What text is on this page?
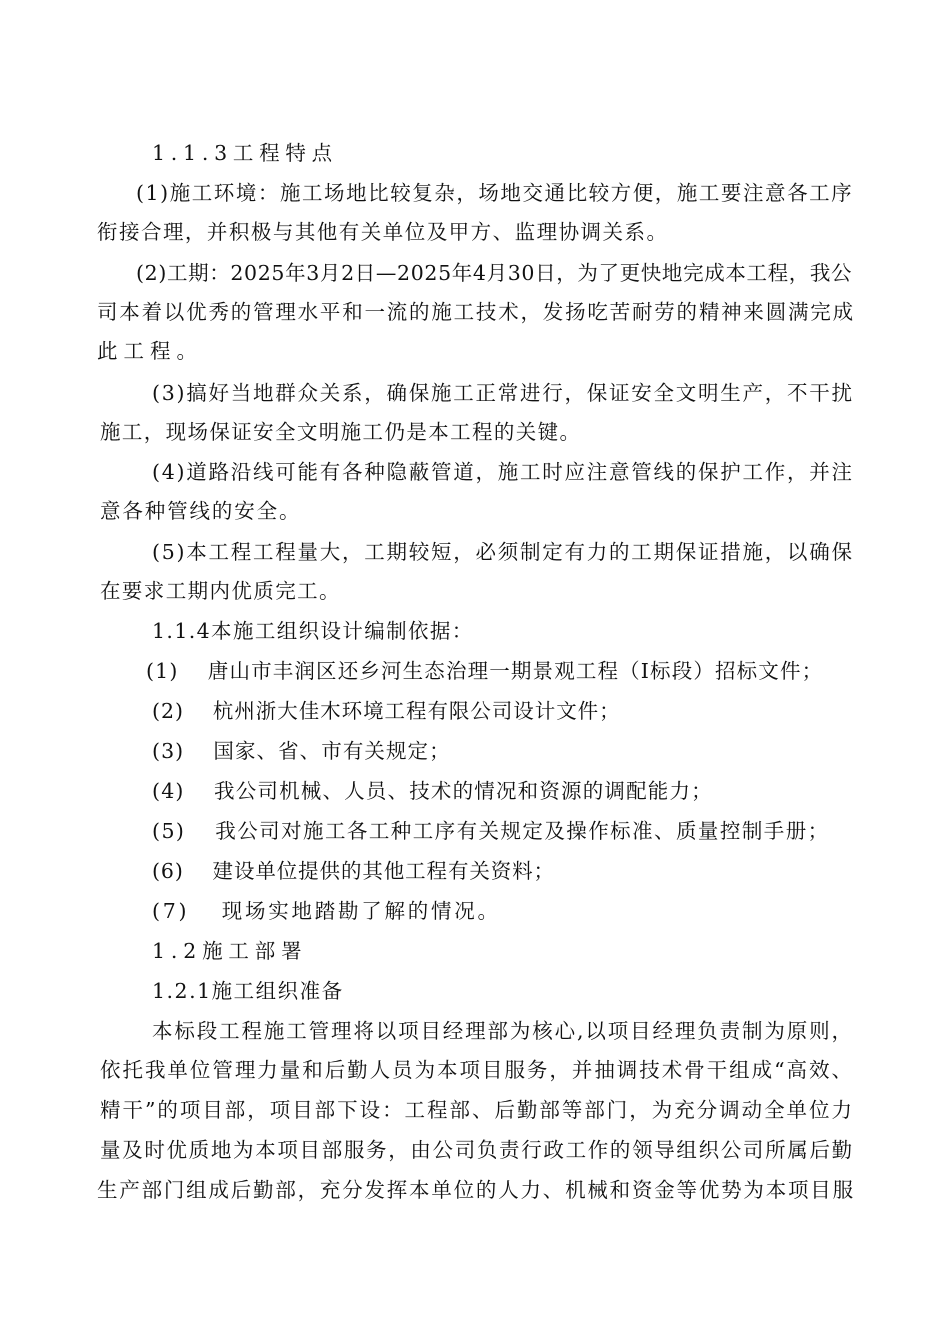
1.1.3工程特点
(1)施工环境：施工场地比较复杂，场地交通比较方便，施工要注意各工序
衔接合理，并积极与其他有关单位及甲方、监理协调关系。
(2)工期：2025年3月2日—2025年4月30日，为了更快地完成本工程，我公
司本着以优秀的管理水平和一流的施工技术，发扬吃苦耐劳的精神来圆满完成
此工程。
(3)搞好当地群众关系，确保施工正常进行，保证安全文明生产，不干扰
施工，现场保证安全文明施工仍是本工程的关键。
(4)道路沿线可能有各种隐蔽管道，施工时应注意管线的保护工作，并注
意各种管线的安全。
(5)本工程工程量大，工期较短，必须制定有力的工期保证措施，以确保
在要求工期内优质完工。
1.1.4本施工组织设计编制依据：
(1)　 唐山市丰润区还乡河生态治理一期景观工程（Ⅰ标段）招标文件；
(2)　 杭州浙大佳木环境工程有限公司设计文件；
(3)　 国家、省、市有关规定；
(4)　 我公司机械、人员、技术的情况和资源的调配能力；
(5)　 我公司对施工各工种工序有关规定及操作标准、质量控制手册；
(6)　 建设单位提供的其他工程有关资料；
(7)　 现场实地踏勘了解的情况。
1.2施工部署
1.2.1施工组织准备
本标段工程施工管理将以项目经理部为核心,以项目经理负责制为原则，
依托我单位管理力量和后勤人员为本项目服务，并抽调技术骨干组成“高效、
精干”的项目部，项目部下设：工程部、后勤部等部门，为充分调动全单位力
量及时优质地为本项目部服务，由公司负责行政工作的领导组织公司所属后勤
生产部门组成后勤部，充分发挥本单位的人力、机械和资金等优势为本项目服
